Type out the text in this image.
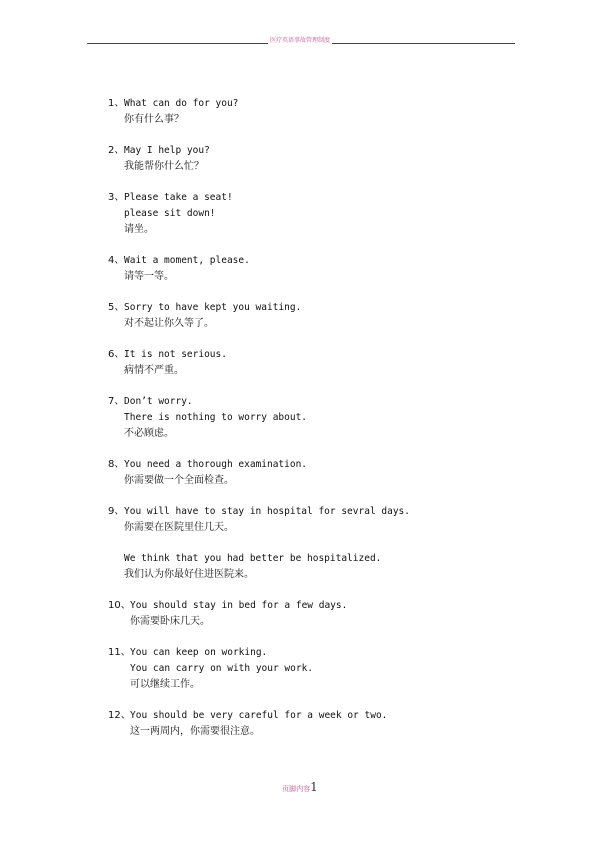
医疗英语事故管理制度
1、What can do for you?
你有什么事？
2、May I help you?
我能帮你什么忙？
3、Please take a seat!
please sit down!
请坐。
4、Wait a moment, please.
请等一等。
5、Sorry to have kept you waiting.
对不起让你久等了。
6、It is not serious.
病情不严重。
7、Don’t worry.
There is nothing to worry about.
不必顾虑。
8、You need a thorough examination.
你需要做一个全面检查。
9、You will have to stay in hospital for sevral days.
你需要在医院里住几天。
We think that you had better be hospitalized.
我们认为你最好住进医院来。
10、You should stay in bed for a few days.
你需要卧床几天。
11、You can keep on working.
You can carry on with your work.
可以继续工作。
12、You should be very careful for a week or two.
这一两周内，你需要很注意。
页脚内容1
